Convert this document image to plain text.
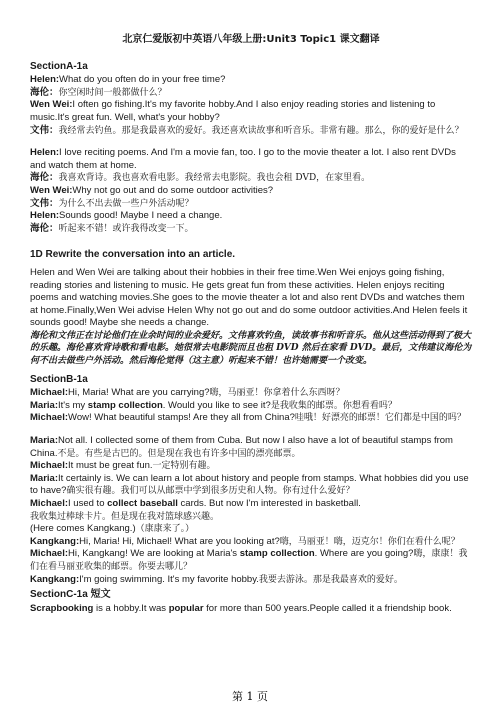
北京仁爱版初中英语八年级上册:Unit3 Topic1 课文翻译
SectionA-1a
Helen:What do you often do in your free time?
海伦：你空闲时间一般都做什么？
Wen Wei:I often go fishing.It's my favorite hobby.And I also enjoy reading stories and listening to music.It's great fun. Well, what's your hobby?
文伟：我经常去钓鱼。那是我最喜欢的爱好。我还喜欢读故事和听音乐。非常有趣。那么，你的爱好是什么？
Helen:I love reciting poems. And I'm a movie fan, too. I go to the movie theater a lot. I also rent DVDs and watch them at home.
海伦：我喜欢背诗。我也喜欢看电影。我经常去电影院。我也会租 DVD，在家里看。
Wen Wei:Why not go out and do some outdoor activities?
文伟：为什么不出去做一些户外活动呢？
Helen:Sounds good! Maybe I need a change.
海伦：听起来不错！或许我得改变一下。
1D Rewrite the conversation into an article.

Helen and Wen Wei are talking about their hobbies in their free time.Wen Wei enjoys going fishing, reading stories and listening to music. He gets great fun from these activities. Helen enjoys reciting poems and watching movies.She goes to the movie theater a lot and also rent DVDs and watches them at home.Finally,Wen Wei advise Helen Why not go out and do some outdoor activities.And Helen feels it sounds good! Maybe she needs a change.

海伦和文伟正在讨论他们在业余时间的业余爱好。文伟喜欢钓鱼，读故事书和听音乐。他从这些活动得到了极大的乐趣。海伦喜欢背诗歌和看电影。她很常去电影院而且也租 DVD 然后在家看 DVD。最后，文伟建议海伦为何不出去做些户外活动。然后海伦觉得（这主意）听起来不错！也许她需要一个改变。

SectionB-1a
Michael:Hi, Maria! What are you carrying?嗨，马丽亚！你拿着什么东西呀？
Maria:It's my stamp collection. Would you like to see it?是我收集的邮票。你想看看吗？
Michael:Wow! What beautiful stamps! Are they all from China?哇哦！好漂亮的邮票！它们都是中国的吗？
Maria:Not all. I collected some of them from Cuba. But now I also have a lot of beautiful stamps from China.不是。有些是古巴的。但是现在我也有许多中国的漂亮邮票。
Michael:It must be great fun.一定特别有趣。
Maria:It certainly is. We can learn a lot about history and people from stamps. What hobbies did you use to have?确实很有趣。我们可以从邮票中学到很多历史和人物。你有过什么爱好？
Michael:I used to collect baseball cards. But now I'm interested in basketball.
我收集过棒球卡片。但是现在我对篮球感兴趣。
(Here comes Kangkang.)（康康来了。）
Kangkang:Hi, Maria! Hi, Michael! What are you looking at?嗨，马丽亚！嗨，迈克尔！你们在看什么呢？
Michael:Hi, Kangkang! We are looking at Maria's stamp collection. Where are you going?嗨，康康！我们在看马丽亚收集的邮票。你要去哪儿？
Kangkang:I'm going swimming. It's my favorite hobby.我要去游泳。那是我最喜欢的爱好。
SectionC-1a 短文
Scrapbooking is a hobby.It was popular for more than 500 years.People called it a friendship book.
第 1 页
